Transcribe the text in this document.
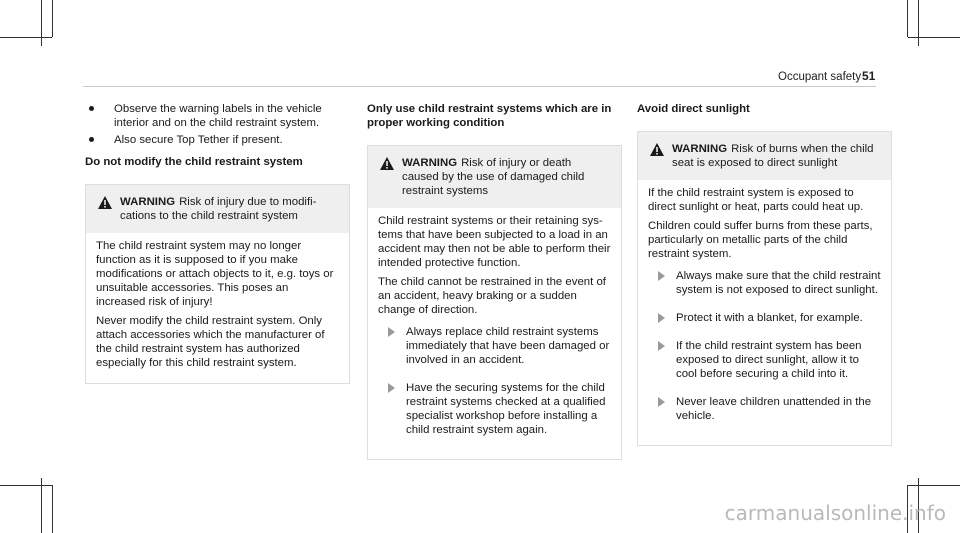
Occupant safety 51
Observe the warning labels in the vehicle interior and on the child restraint system.
Also secure Top Tether if present.
Do not modify the child restraint system
WARNING Risk of injury due to modifi- cations to the child restraint system

The child restraint system may no longer function as it is supposed to if you make modifications or attach objects to it, e.g. toys or unsuitable accessories. This poses an increased risk of injury!

Never modify the child restraint system. Only attach accessories which the manufacturer of the child restraint system has authorized especially for this child restraint system.

Only use child restraint systems which are in proper working condition
WARNING Risk of injury or death caused by the use of damaged child restraint systems

Child restraint systems or their retaining sys- tems that have been subjected to a load in an accident may then not be able to perform their intended protective function.

The child cannot be restrained in the event of an accident, heavy braking or a sudden change of direction.

Always replace child restraint systems immediately that have been damaged or involved in an accident.
Have the securing systems for the child restraint systems checked at a qualified specialist workshop before installing a child restraint system again.
Avoid direct sunlight
WARNING Risk of burns when the child seat is exposed to direct sunlight

If the child restraint system is exposed to direct sunlight or heat, parts could heat up.

Children could suffer burns from these parts, particularly on metallic parts of the child restraint system.

Always make sure that the child restraint system is not exposed to direct sunlight.
Protect it with a blanket, for example.
If the child restraint system has been exposed to direct sunlight, allow it to cool before securing a child into it.
Never leave children unattended in the vehicle.
carmanualsonline.info
